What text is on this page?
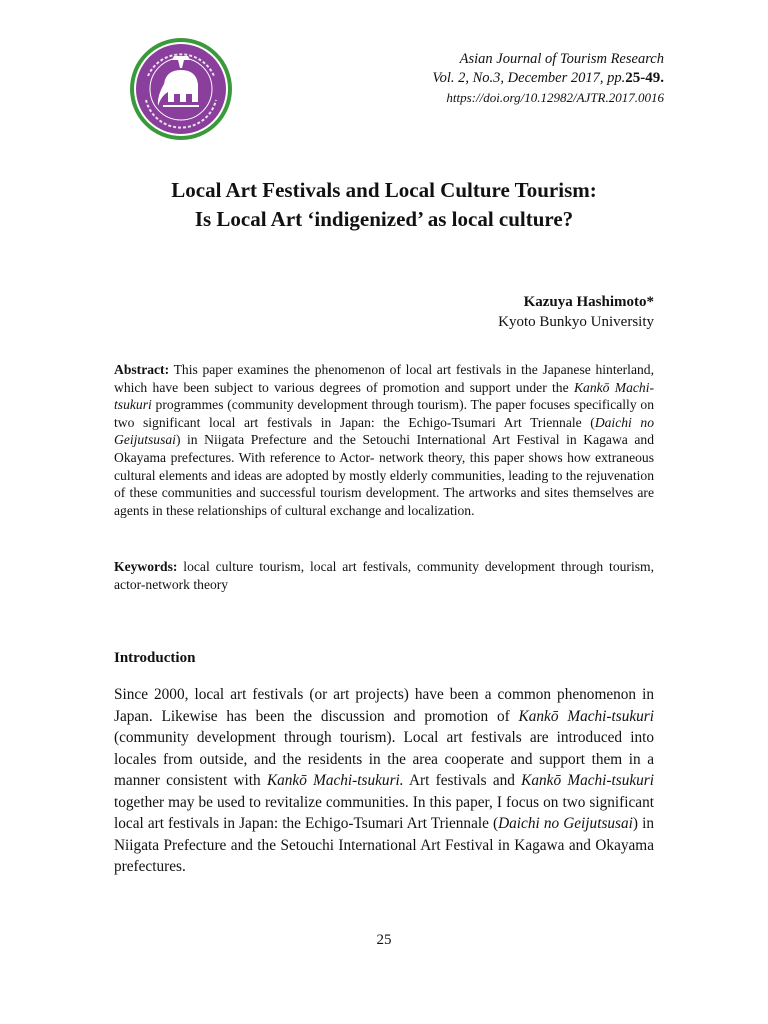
Asian Journal of Tourism Research
Vol. 2, No.3, December 2017, pp.25-49.
https://doi.org/10.12982/AJTR.2017.0016
Local Art Festivals and Local Culture Tourism:
Is Local Art ‘indigenized’ as local culture?
Kazuya Hashimoto*
Kyoto Bunkyo University
Abstract: This paper examines the phenomenon of local art festivals in the Japanese hinterland, which have been subject to various degrees of promotion and support under the Kankō Machi- tsukuri programmes (community development through tourism). The paper focuses specifically on two significant local art festivals in Japan: the Echigo-Tsumari Art Triennale (Daichi no Geijutsusai) in Niigata Prefecture and the Setouchi International Art Festival in Kagawa and Okayama prefectures. With reference to Actor- network theory, this paper shows how extraneous cultural elements and ideas are adopted by mostly elderly communities, leading to the rejuvenation of these communities and successful tourism development. The artworks and sites themselves are agents in these relationships of cultural exchange and localization.
Keywords: local culture tourism, local art festivals, community development through tourism, actor-network theory
Introduction
Since 2000, local art festivals (or art projects) have been a common phenomenon in Japan. Likewise has been the discussion and promotion of Kankō Machi-tsukuri (community development through tourism). Local art festivals are introduced into locales from outside, and the residents in the area cooperate and support them in a manner consistent with Kankō Machi-tsukuri. Art festivals and Kankō Machi-tsukuri together may be used to revitalize communities. In this paper, I focus on two significant local art festivals in Japan: the Echigo-Tsumari Art Triennale (Daichi no Geijutsusai) in Niigata Prefecture and the Setouchi International Art Festival in Kagawa and Okayama prefectures.
25
